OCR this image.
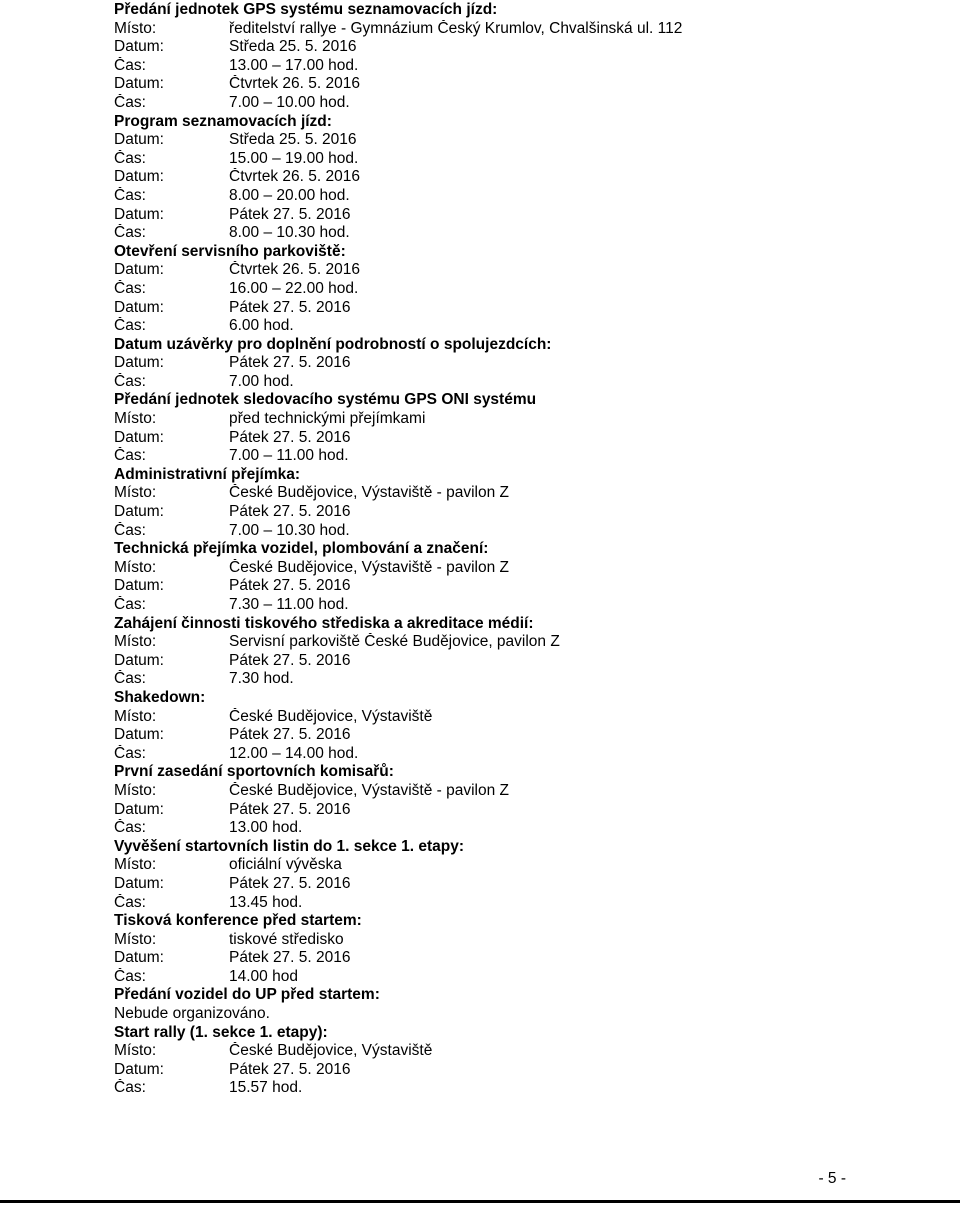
Předání jednotek GPS systému seznamovacích jízd:
Místo:	ředitelství rallye - Gymnázium Český Krumlov, Chvalšinská ul. 112
Datum:	Středa 25. 5. 2016
Čas:	13.00 – 17.00 hod.
Datum:	Čtvrtek 26. 5. 2016
Čas:	7.00 – 10.00 hod.
Program seznamovacích jízd:
Datum:	Středa 25. 5. 2016
Čas:	15.00 – 19.00 hod.
Datum:	Čtvrtek 26. 5. 2016
Čas:	8.00 – 20.00 hod.
Datum:	Pátek 27. 5. 2016
Čas:	8.00 – 10.30 hod.
Otevření servisního parkoviště:
Datum:	Čtvrtek 26. 5. 2016
Čas:	16.00 – 22.00 hod.
Datum:	Pátek 27. 5. 2016
Čas:	6.00 hod.
Datum uzávěrky pro doplnění podrobností o spolujezdcích:
Datum:	Pátek 27. 5. 2016
Čas:	7.00 hod.
Předání jednotek sledovacího systému GPS ONI systému
Místo:	před technickými přejímkami
Datum:	Pátek 27. 5. 2016
Čas:	7.00 – 11.00 hod.
Administrativní přejímka:
Místo:	České Budějovice, Výstaviště - pavilon Z
Datum:	Pátek 27. 5. 2016
Čas:	7.00 – 10.30 hod.
Technická přejímka vozidel, plombování a značení:
Místo:	České Budějovice, Výstaviště - pavilon Z
Datum:	Pátek 27. 5. 2016
Čas:	7.30 – 11.00 hod.
Zahájení činnosti tiskového střediska a akreditace médií:
Místo:	Servisní parkoviště České Budějovice, pavilon Z
Datum:	Pátek 27. 5. 2016
Čas:	7.30 hod.
Shakedown:
Místo:	České Budějovice, Výstaviště
Datum:	Pátek 27. 5. 2016
Čas:	12.00 – 14.00 hod.
První zasedání sportovních komisařů:
Místo:	České Budějovice, Výstaviště - pavilon Z
Datum:	Pátek 27. 5. 2016
Čas:	13.00 hod.
Vyvěšení startovních listin do 1. sekce 1. etapy:
Místo:	oficiální vývěska
Datum:	Pátek 27. 5. 2016
Čas:	13.45 hod.
Tisková konference před startem:
Místo:	tiskové středisko
Datum:	Pátek 27. 5. 2016
Čas:	14.00 hod
Předání vozidel do UP před startem:
Nebude organizováno.
Start rally (1. sekce 1. etapy):
Místo:	České Budějovice, Výstaviště
Datum:	Pátek 27. 5. 2016
Čas:	15.57 hod.
- 5 -
